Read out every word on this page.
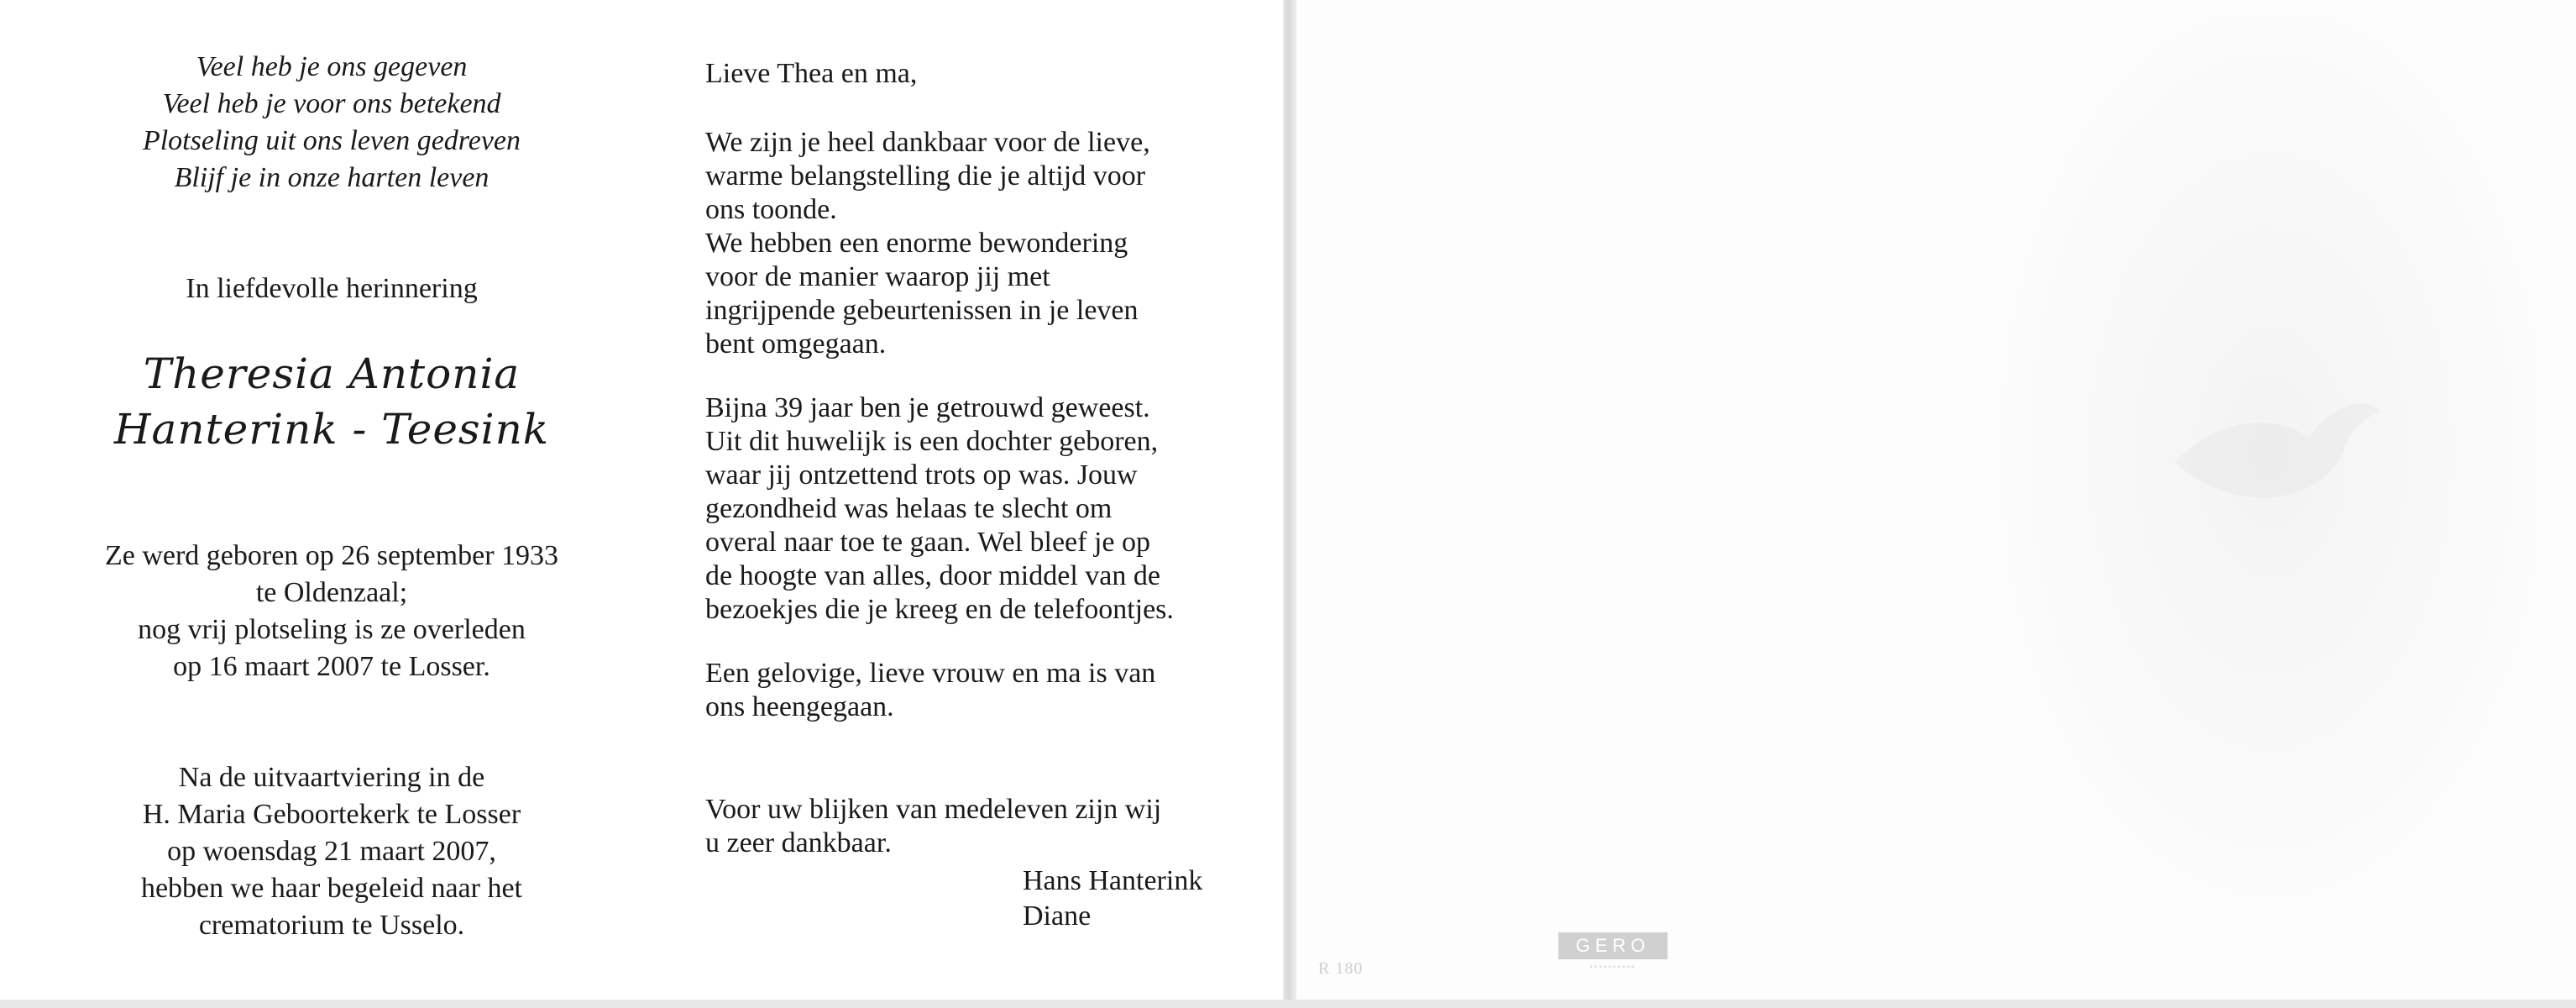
Veel heb je ons gegeven
Veel heb je voor ons betekend
Plotseling uit ons leven gedreven
Blijf je in onze harten leven
In liefdevolle herinnering
Theresia Antonia
Hanterink - Teesink
Ze werd geboren op 26 september 1933
te Oldenzaal;
nog vrij plotseling is ze overleden
op 16 maart 2007 te Losser.
Na de uitvaartviering in de
H. Maria Geboortekerk te Losser
op woensdag 21 maart 2007,
hebben we haar begeleid naar het
crematorium te Usselo.
Lieve Thea en ma,
We zijn je heel dankbaar voor de lieve,
warme belangstelling die je altijd voor
ons toonde.
We hebben een enorme bewondering
voor de manier waarop jij met
ingrijpende gebeurtenissen in je leven
bent omgegaan.
Bijna 39 jaar ben je getrouwd geweest.
Uit dit huwelijk is een dochter geboren,
waar jij ontzettend trots op was. Jouw
gezondheid was helaas te slecht om
overal naar toe te gaan. Wel bleef je op
de hoogte van alles, door middel van de
bezoekjes die je kreeg en de telefoontjes.
Een gelovige, lieve vrouw en ma is van
ons heengegaan.
Voor uw blijken van medeleven zijn wij
u zeer dankbaar.
Hans Hanterink
Diane
R 180
GERO
▪▪▪▪▪▪▪▪▪▪
